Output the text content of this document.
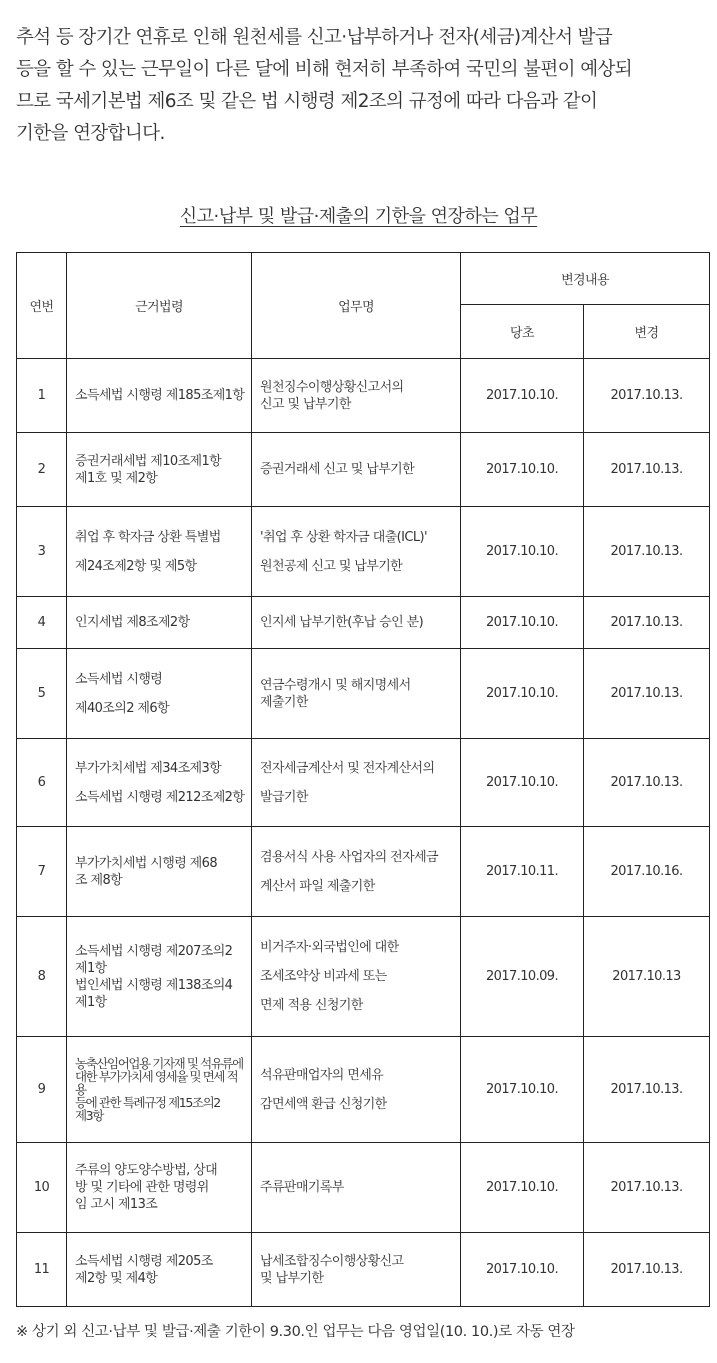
추석 등 장기간 연휴로 인해 원천세를 신고·납부하거나 전자(세금)계산서 발급

등을 할 수 있는 근무일이 다른 달에 비해 현저히 부족하여 국민의 불편이 예상되

므로 국세기본법 제6조 및 같은 법 시행령 제2조의 규정에 따라 다음과 같이

기한을 연장합니다.

신고·납부 및 발급·제출의 기한을 연장하는 업무
연번	근거법령	업무명	변경내용	
			당초	변경
1	소득세법 시행령 제185조제1항	원천징수이행상황신고서의
신고 및 납부기한	2017.10.10.	2017.10.13.
2	증권거래세법 제10조제1항
제1호 및 제2항	증권거래세 신고 및 납부기한	2017.10.10.	2017.10.13.
3	취업 후 학자금 상환 특별법
제24조제2항 및 제5항	'취업 후 상환 학자금 대출(ICL)'
원천공제 신고 및 납부기한	2017.10.10.	2017.10.13.
4	인지세법 제8조제2항	인지세 납부기한(후납 승인 분)	2017.10.10.	2017.10.13.
5	소득세법 시행령
제40조의2 제6항	연금수령개시 및 해지명세서
제출기한	2017.10.10.	2017.10.13.
6	부가가치세법 제34조제3항
소득세법 시행령 제212조제2항	전자세금계산서 및 전자계산서의
발급기한	2017.10.10.	2017.10.13.
7	부가가치세법 시행령 제68
조 제8항	겸용서식 사용 사업자의 전자세금
계산서 파일 제출기한	2017.10.11.	2017.10.16.
8	소득세법 시행령 제207조의2
제1항
법인세법 시행령 제138조의4
제1항	비거주자·외국법인에 대한
조세조약상 비과세 또는
면제 적용 신청기한	2017.10.09.	2017.10.13
9	농축산임어업용 기자재 및 석유류에
대한 부가가치세 영세율 및 면세 적용
등에 관한 특례규정 제15조의2
제3항	석유판매업자의 면세유
감면세액 환급 신청기한	2017.10.10.	2017.10.13.
10	주류의 양도양수방법, 상대
방 및 기타에 관한 명령위
임 고시 제13조	주류판매기록부	2017.10.10.	2017.10.13.
11	소득세법 시행령 제205조
제2항 및 제4항	납세조합징수이행상황신고
및 납부기한	2017.10.10.	2017.10.13.
※ 상기 외 신고·납부 및 발급·제출 기한이 9.30.인 업무는 다음 영업일(10. 10.)로 자동 연장
